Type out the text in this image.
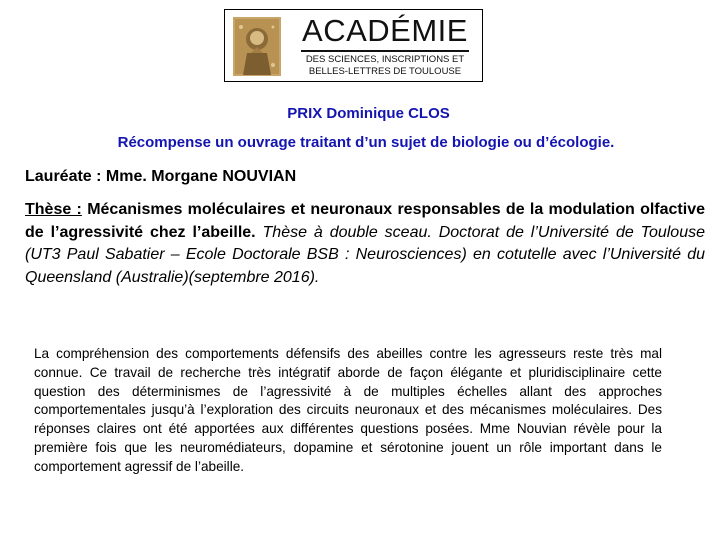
ACADÉMIE
DES SCIENCES, INSCRIPTIONS ET
BELLES-LETTRES DE TOULOUSE
PRIX Dominique CLOS
Récompense un ouvrage traitant d’un sujet de biologie ou d’écologie.
Lauréate : Mme. Morgane NOUVIAN
Thèse : Mécanismes moléculaires et neuronaux responsables de la modulation olfactive de l’agressivité chez l’abeille. Thèse à double sceau. Doctorat de l’Université de Toulouse (UT3 Paul Sabatier – Ecole Doctorale BSB : Neurosciences) en cotutelle avec l’Université du Queensland (Australie)(septembre 2016).
La compréhension des comportements défensifs des abeilles contre les agresseurs reste très mal connue. Ce travail de recherche très intégratif aborde de façon élégante et pluridisciplinaire cette question des déterminismes de l’agressivité à de multiples échelles allant des approches comportementales jusqu’à l’exploration des circuits neuronaux et des mécanismes moléculaires. Des réponses claires ont été apportées aux différentes questions posées. Mme Nouvian révèle pour la première fois que les neuromédiateurs, dopamine et sérotonine jouent un rôle important dans le comportement agressif de l’abeille.
